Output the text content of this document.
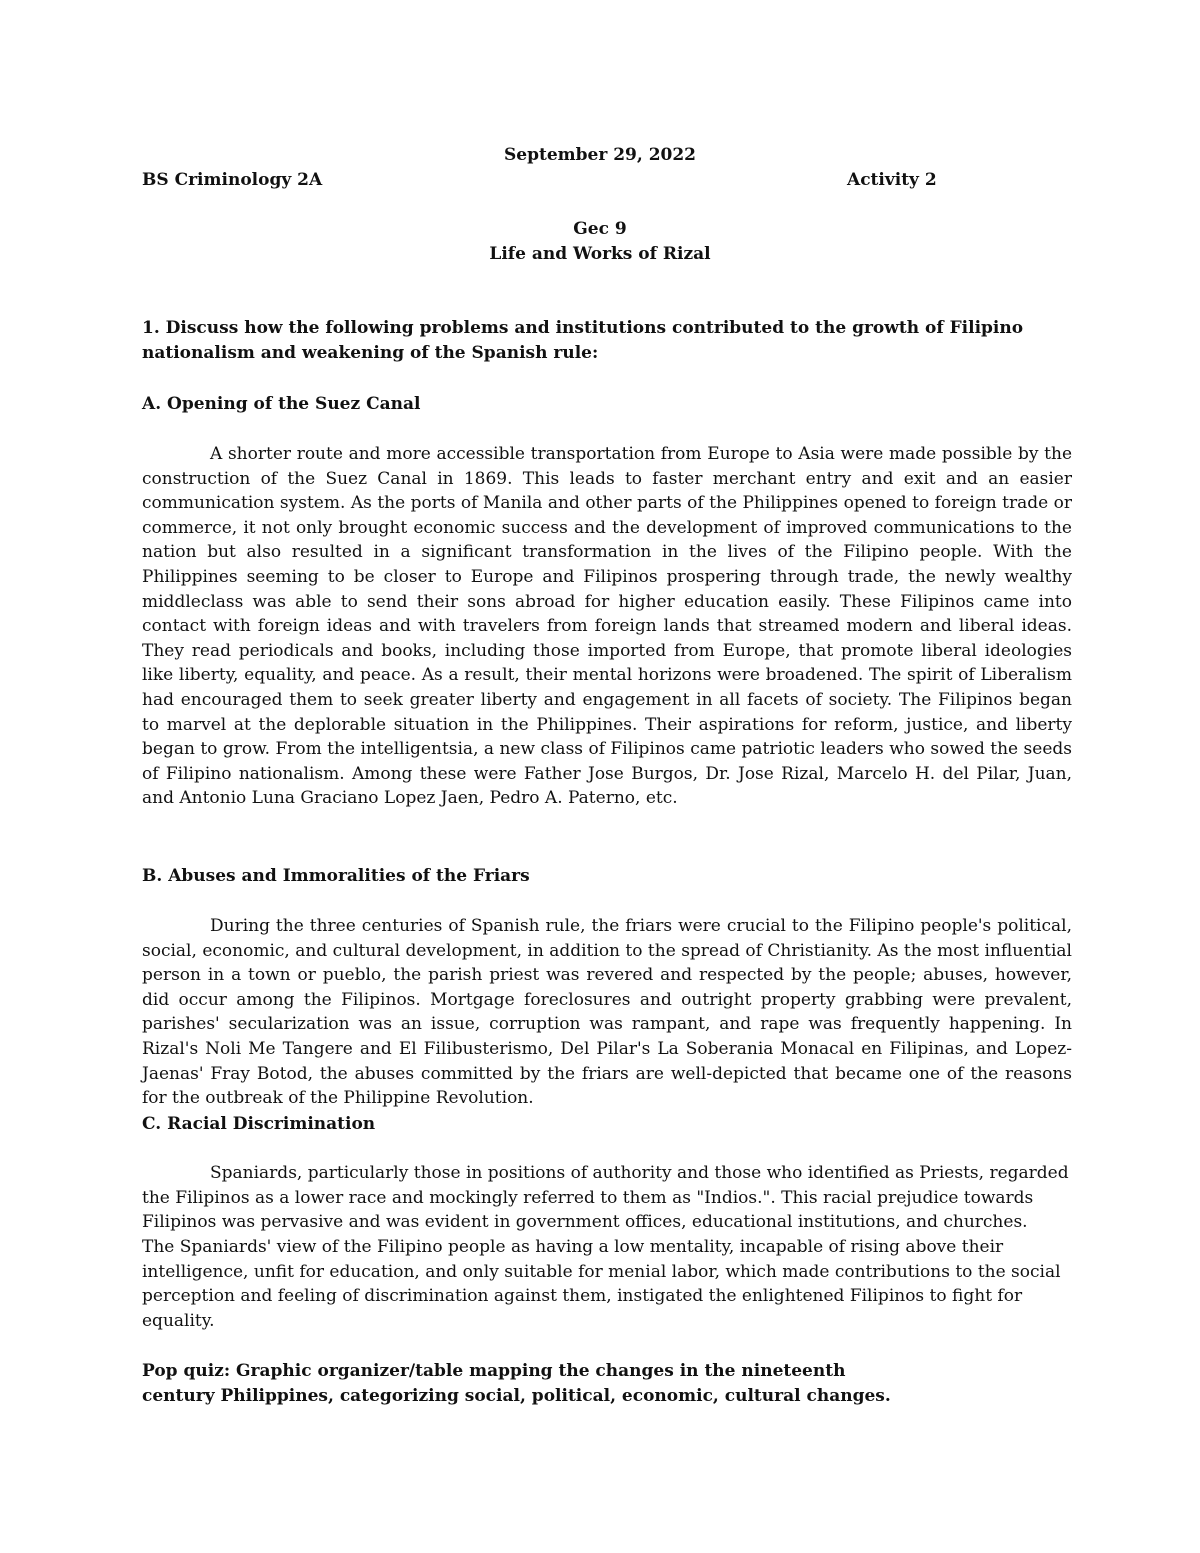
September 29, 2022
BS Criminology 2A	Activity 2
Gec 9
Life and Works of Rizal

1. Discuss how the following problems and institutions contributed to the growth of Filipino nationalism and weakening of the Spanish rule:

A. Opening of the Suez Canal

A shorter route and more accessible transportation from Europe to Asia were made possible by the construction of the Suez Canal in 1869. This leads to faster merchant entry and exit and an easier communication system. As the ports of Manila and other parts of the Philippines opened to foreign trade or commerce, it not only brought economic success and the development of improved communications to the nation but also resulted in a significant transformation in the lives of the Filipino people. With the Philippines seeming to be closer to Europe and Filipinos prospering through trade, the newly wealthy middleclass was able to send their sons abroad for higher education easily. These Filipinos came into contact with foreign ideas and with travelers from foreign lands that streamed modern and liberal ideas. They read periodicals and books, including those imported from Europe, that promote liberal ideologies like liberty, equality, and peace. As a result, their mental horizons were broadened. The spirit of Liberalism had encouraged them to seek greater liberty and engagement in all facets of society. The Filipinos began to marvel at the deplorable situation in the Philippines. Their aspirations for reform, justice, and liberty began to grow. From the intelligentsia, a new class of Filipinos came patriotic leaders who sowed the seeds of Filipino nationalism. Among these were Father Jose Burgos, Dr. Jose Rizal, Marcelo H. del Pilar, Juan, and Antonio Luna Graciano Lopez Jaen, Pedro A. Paterno, etc.

B. Abuses and Immoralities of the Friars

During the three centuries of Spanish rule, the friars were crucial to the Filipino people's political, social, economic, and cultural development, in addition to the spread of Christianity. As the most influential person in a town or pueblo, the parish priest was revered and respected by the people; abuses, however, did occur among the Filipinos. Mortgage foreclosures and outright property grabbing were prevalent, parishes' secularization was an issue, corruption was rampant, and rape was frequently happening. In Rizal's Noli Me Tangere and El Filibusterismo, Del Pilar's La Soberania Monacal en Filipinas, and Lopez-Jaenas' Fray Botod, the abuses committed by the friars are well-depicted that became one of the reasons for the outbreak of the Philippine Revolution.

C. Racial Discrimination

Spaniards, particularly those in positions of authority and those who identified as Priests, regarded the Filipinos as a lower race and mockingly referred to them as "Indios.". This racial prejudice towards Filipinos was pervasive and was evident in government offices, educational institutions, and churches.

The Spaniards' view of the Filipino people as having a low mentality, incapable of rising above their intelligence, unfit for education, and only suitable for menial labor, which made contributions to the social perception and feeling of discrimination against them, instigated the enlightened Filipinos to fight for equality.

Pop quiz: Graphic organizer/table mapping the changes in the nineteenth century Philippines, categorizing social, political, economic, cultural changes.
